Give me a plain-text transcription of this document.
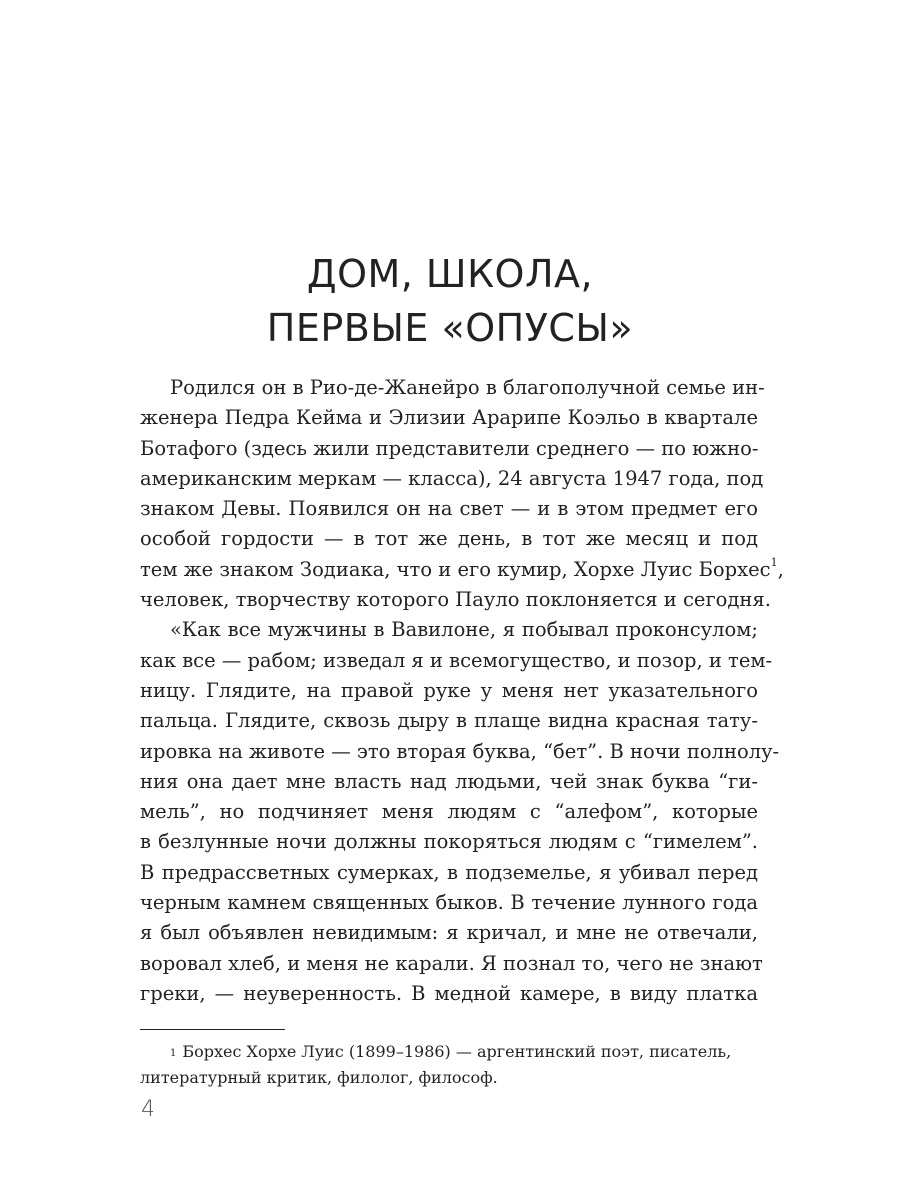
ДОМ, ШКОЛА,
ПЕРВЫЕ «ОПУСЫ»
Родился он в Рио-де-Жанейро в благополучной семье ин-
женера Педра Кейма и Элизии Арарипе Коэльо в квартале
Ботафого (здесь жили представители среднего — по южно-
американским меркам — класса), 24 августа 1947 года, под
знаком Девы. Появился он на свет — и в этом предмет его
особой гордости — в тот же день, в тот же месяц и под
тем же знаком Зодиака, что и его кумир, Хорхе Луис Борхес$^1$,
человек, творчеству которого Пауло поклоняется и сегодня.
«Как все мужчины в Вавилоне, я побывал проконсулом;
как все — рабом; изведал я и всемогущество, и позор, и тем-
ницу. Глядите, на правой руке у меня нет указательного
пальца. Глядите, сквозь дыру в плаще видна красная тату-
ировка на животе — это вторая буква, “бет”. В ночи полнолу-
ния она дает мне власть над людьми, чей знак буква “ги-
мель”, но подчиняет меня людям с “алефом”, которые
в безлунные ночи должны покоряться людям с “гимелем”.
В предрассветных сумерках, в подземелье, я убивал перед
черным камнем священных быков. В течение лунного года
я был объявлен невидимым: я кричал, и мне не отвечали,
воровал хлеб, и меня не карали. Я познал то, чего не знают
греки, — неуверенность. В медной камере, в виду платка
$^1$ Борхес Хорхе Луис (1899–1986) — аргентинский поэт, писатель,
литературный критик, филолог, философ.
4
